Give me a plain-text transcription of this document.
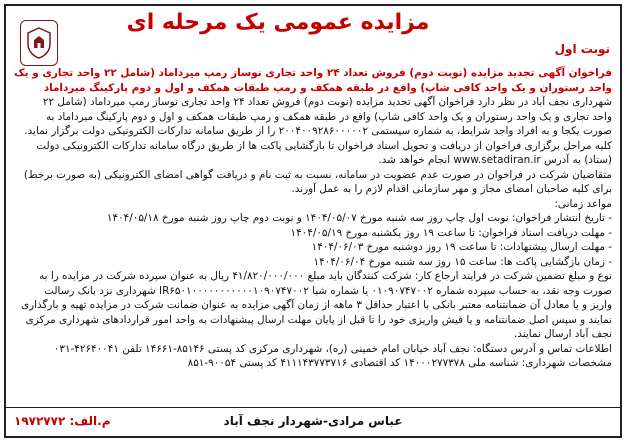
مزایده عمومی یک مرحله ای
نوبت اول
فراخوان آگهی تجدید مزایده (نوبت دوم) فروش تعداد ۲۴ واحد تجاری نوساز رمپ میرداماد (شامل ۲۲ واحد تجاری و یک واحد رستوران و یک واحد کافی شاپ) واقع در طبقه همکف و رمپ طبقات همکف و اول و دوم پارکینگ میرداماد
شهرداری نجف آباد در نظر دارد فراخوان آگهی تجدید مزایده (نوبت دوم) فروش تعداد ۲۴ واحد تجاری نوساز رمپ میرداماد (شامل ۲۲
واحد تجاری و یک واحد رستوران و یک واحد کافی شاپ) واقع در طبقه همکف و رمپ طبقات همکف و اول و دوم پارکینگ میرداماد به
صورت یکجا و به افراد واجد شرایط، به شماره سیستمی ۲۰۰۴۰۰۹۲۸۶۰۰۰۰۰۲ را از طریق سامانه تدارکات الکترونیکی دولت برگزار نماید.
کلیه مراحل برگزاری فراخوان از دریافت و تحویل اسناد فراخوان تا بازگشایی پاکت ها از طریق درگاه سامانه تدارکات الکترونیکی دولت
(ستاد) به آدرس www.setadiran.ir انجام خواهد شد.
متقاضیان شرکت در فراخوان در صورت عدم عضویت در سامانه، نسبت به ثبت نام و دریافت گواهی امضای الکترونیکی (به صورت برخط)
برای کلیه صاحبان امضای مجاز و مهر سازمانی اقدام لازم را به عمل آورند.
مواعد زمانی:
- تاریخ انتشار فراخوان: نوبت اول چاپ روز سه شنبه مورخ ۱۴۰۴/۰۵/۰۷ و نوبت دوم چاپ روز شنبه مورخ ۱۴۰۴/۰۵/۱۸
- مهلت دریافت اسناد فراخوان: تا ساعت ۱۹ روز یکشنبه مورخ ۱۴۰۴/۰۵/۱۹
- مهلت ارسال پیشنهادات: تا ساعت ۱۹ روز دوشنبه مورخ ۱۴۰۴/۰۶/۰۳
- زمان بازگشایی پاکت ها: ساعت ۱۵ روز سه شنبه مورخ ۱۴۰۴/۰۶/۰۴
نوع و مبلغ تضمین شرکت در فرایند ارجاع کار: شرکت کنندگان باید مبلغ ۴۱/۸۲۰/۰۰۰/۰۰۰ ریال به عنوان سپرده شرکت در مزایده را به
صورت وجه نقد، به حساب سپرده شماره ۰۱۰۹۰۷۴۷۰۰۲ یا شماره شبا IR۶۵۰۱۰۰۰۰۰۰۰۰۰۰۰۱۰۹۰۷۴۷۰۰۲ شهرداری نزد بانک رسالت
واریز و یا معادل آن ضمانتنامه معتبر بانکی با اعتبار حداقل ۳ ماهه از زمان آگهی مزایده به عنوان ضمانت شرکت در مزایده تهیه و بارگذاری
نمایند و سپس اصل ضمانتنامه و یا فیش واریزی خود را تا قبل از پایان مهلت ارسال پیشنهادات به واحد امور قراردادهای شهرداری مرکزی
نجف آباد ارسال نمایند.
اطلاعات تماس و آدرس دستگاه: نجف آباد خیابان امام خمینی (ره)، شهرداری مرکزی کد پستی ۸۵۱۴۶-۱۴۶۶۱ تلفن ۴۲۶۴۰۰۴۱-۰۳۱
مشخصات شهرداری: شناسه ملی ۱۴۰۰۰۲۷۷۳۷۸ کد اقتصادی ۴۱۱۱۴۳۷۷۳۷۱۶ کد پستی ۹۰۰۵۴-۸۵۱
عباس مرادی-شهردار نجف آباد
م.الف: ۱۹۷۲۷۷۲
